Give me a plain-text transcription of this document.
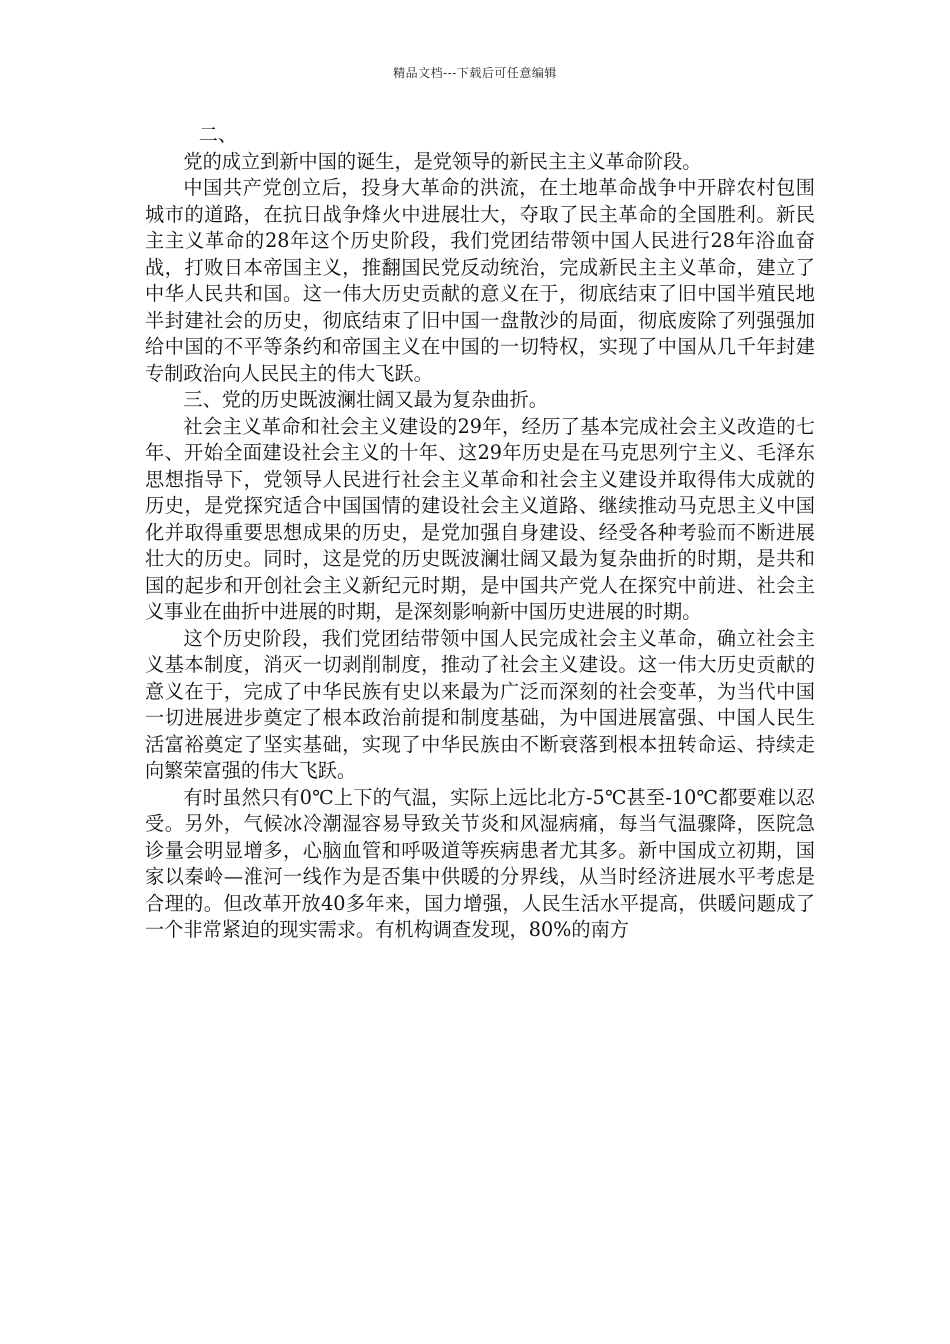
精品文档---下载后可任意编辑

二、

党的成立到新中国的诞生，是党领导的新民主主义革命阶段。

中国共产党创立后，投身大革命的洪流，在土地革命战争中开辟农村包围城市的道路，在抗日战争烽火中进展壮大，夺取了民主革命的全国胜利。新民主主义革命的28年这个历史阶段，我们党团结带领中国人民进行28年浴血奋战，打败日本帝国主义，推翻国民党反动统治，完成新民主主义革命，建立了中华人民共和国。这一伟大历史贡献的意义在于，彻底结束了旧中国半殖民地半封建社会的历史，彻底结束了旧中国一盘散沙的局面，彻底废除了列强强加给中国的不平等条约和帝国主义在中国的一切特权，实现了中国从几千年封建专制政治向人民民主的伟大飞跃。

三、党的历史既波澜壮阔又最为复杂曲折。

社会主义革命和社会主义建设的29年，经历了基本完成社会主义改造的七年、开始全面建设社会主义的十年、这29年历史是在马克思列宁主义、毛泽东思想指导下，党领导人民进行社会主义革命和社会主义建设并取得伟大成就的历史，是党探究适合中国国情的建设社会主义道路、继续推动马克思主义中国化并取得重要思想成果的历史，是党加强自身建设、经受各种考验而不断进展壮大的历史。同时，这是党的历史既波澜壮阔又最为复杂曲折的时期，是共和国的起步和开创社会主义新纪元时期，是中国共产党人在探究中前进、社会主义事业在曲折中进展的时期，是深刻影响新中国历史进展的时期。

这个历史阶段，我们党团结带领中国人民完成社会主义革命，确立社会主义基本制度，消灭一切剥削制度，推动了社会主义建设。这一伟大历史贡献的意义在于，完成了中华民族有史以来最为广泛而深刻的社会变革，为当代中国一切进展进步奠定了根本政治前提和制度基础，为中国进展富强、中国人民生活富裕奠定了坚实基础，实现了中华民族由不断衰落到根本扭转命运、持续走向繁荣富强的伟大飞跃。

有时虽然只有0℃上下的气温，实际上远比北方-5℃甚至-10℃都要难以忍受。另外，气候冰冷潮湿容易导致关节炎和风湿病痛，每当气温骤降，医院急诊量会明显增多，心脑血管和呼吸道等疾病患者尤其多。新中国成立初期，国家以秦岭—淮河一线作为是否集中供暖的分界线，从当时经济进展水平考虑是合理的。但改革开放40多年来，国力增强，人民生活水平提高，供暖问题成了一个非常紧迫的现实需求。有机构调查发现，80%的南方
